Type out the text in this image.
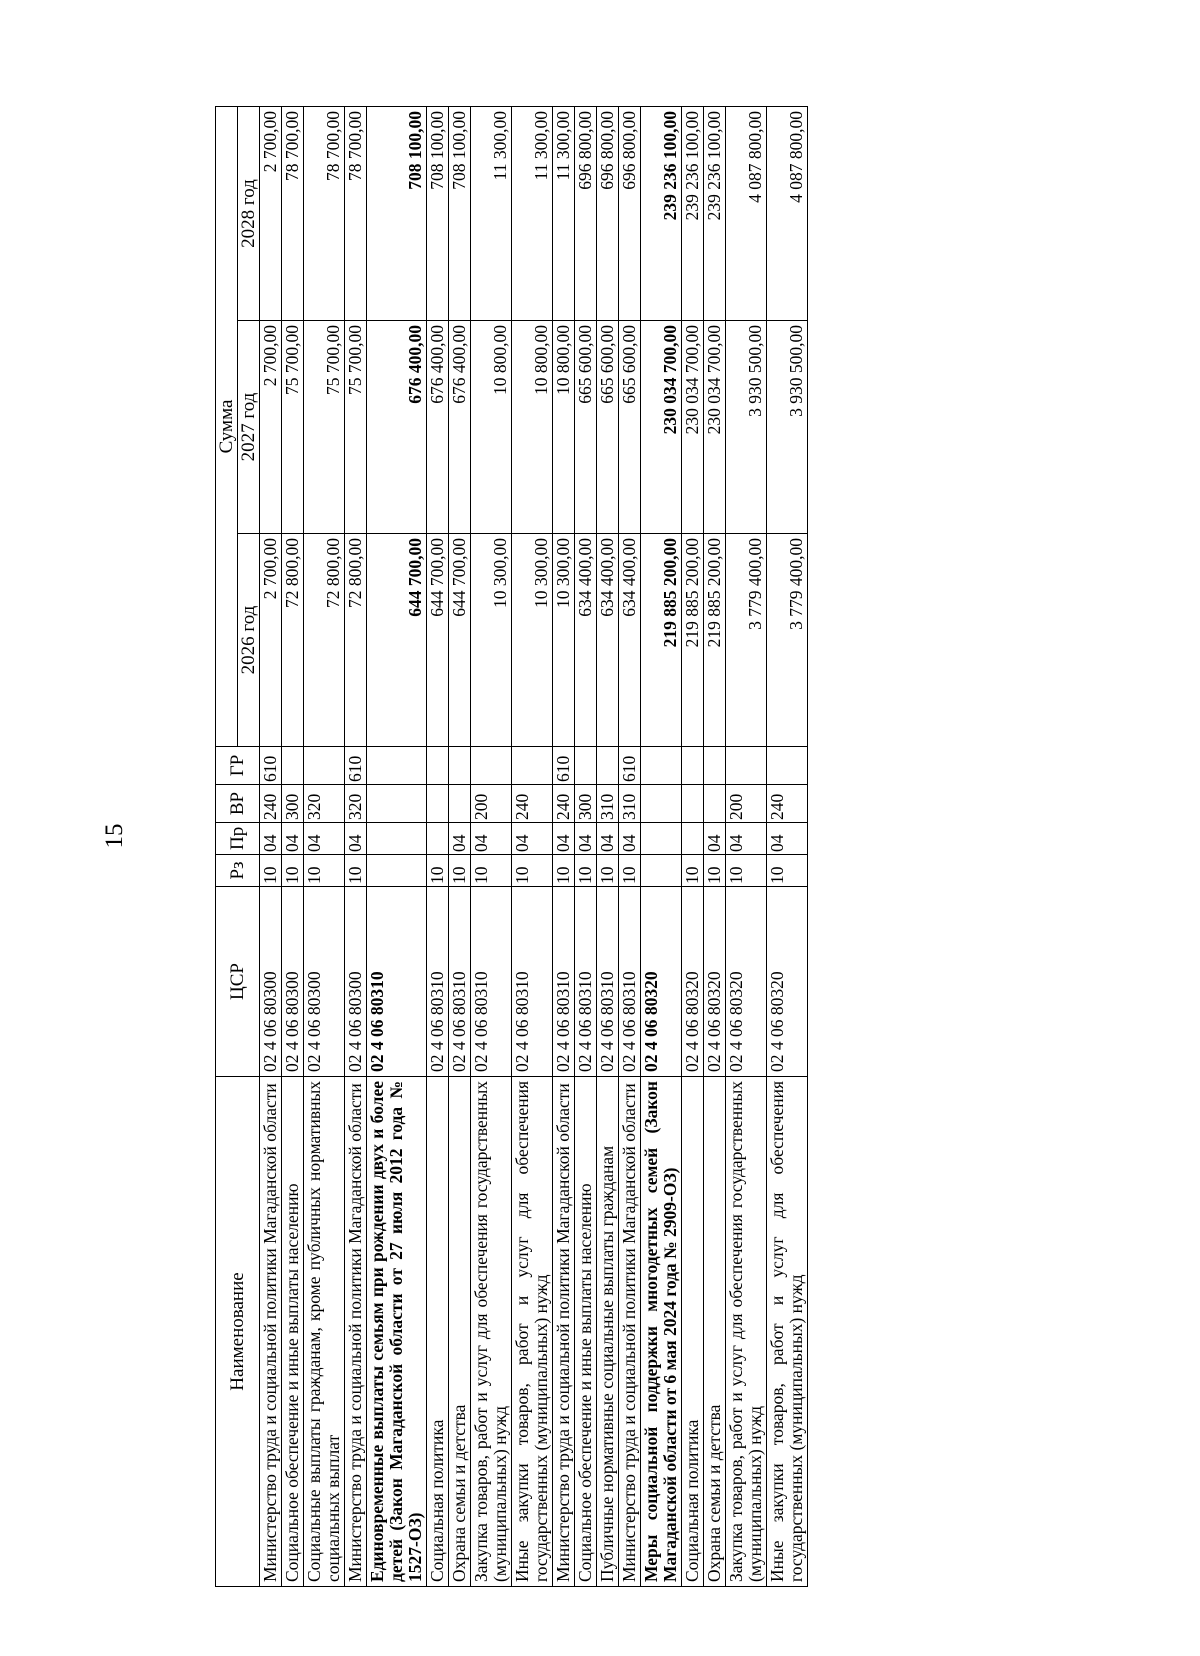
15
Наименование	ЦСР	Рз	Пр	ВР	ГР	Сумма		
						2026 год	2027 год	2028 год
Министерство труда и социальной политики Магаданской области	02 4 06 80300	10	04	240	610	2 700,00	2 700,00	2 700,00
Социальное обеспечение и иные выплаты населению	02 4 06 80300	10	04	300		72 800,00	75 700,00	78 700,00
Социальные выплаты гражданам, кроме публичных нормативных социальных выплат	02 4 06 80300	10	04	320		72 800,00	75 700,00	78 700,00
Министерство труда и социальной политики Магаданской области	02 4 06 80300	10	04	320	610	72 800,00	75 700,00	78 700,00
Единовременные выплаты семьям при рождении двух и более детей (Закон Магаданской области от 27 июля 2012 года № 1527-ОЗ)	02 4 06 80310					644 700,00	676 400,00	708 100,00
Социальная политика	02 4 06 80310	10				644 700,00	676 400,00	708 100,00
Охрана семьи и детства	02 4 06 80310	10	04			644 700,00	676 400,00	708 100,00
Закупка товаров, работ и услуг для обеспечения государственных (муниципальных) нужд	02 4 06 80310	10	04	200		10 300,00	10 800,00	11 300,00
Иные закупки товаров, работ и услуг для обеспечения государственных (муниципальных) нужд	02 4 06 80310	10	04	240		10 300,00	10 800,00	11 300,00
Министерство труда и социальной политики Магаданской области	02 4 06 80310	10	04	240	610	10 300,00	10 800,00	11 300,00
Социальное обеспечение и иные выплаты населению	02 4 06 80310	10	04	300		634 400,00	665 600,00	696 800,00
Публичные нормативные социальные выплаты гражданам	02 4 06 80310	10	04	310		634 400,00	665 600,00	696 800,00
Министерство труда и социальной политики Магаданской области	02 4 06 80310	10	04	310	610	634 400,00	665 600,00	696 800,00
Меры социальной поддержки многодетных семей (Закон Магаданской области от 6 мая 2024 года № 2909-ОЗ)	02 4 06 80320					219 885 200,00	230 034 700,00	239 236 100,00
Социальная политика	02 4 06 80320	10				219 885 200,00	230 034 700,00	239 236 100,00
Охрана семьи и детства	02 4 06 80320	10	04			219 885 200,00	230 034 700,00	239 236 100,00
Закупка товаров, работ и услуг для обеспечения государственных (муниципальных) нужд	02 4 06 80320	10	04	200		3 779 400,00	3 930 500,00	4 087 800,00
Иные закупки товаров, работ и услуг для обеспечения государственных (муниципальных) нужд	02 4 06 80320	10	04	240		3 779 400,00	3 930 500,00	4 087 800,00
